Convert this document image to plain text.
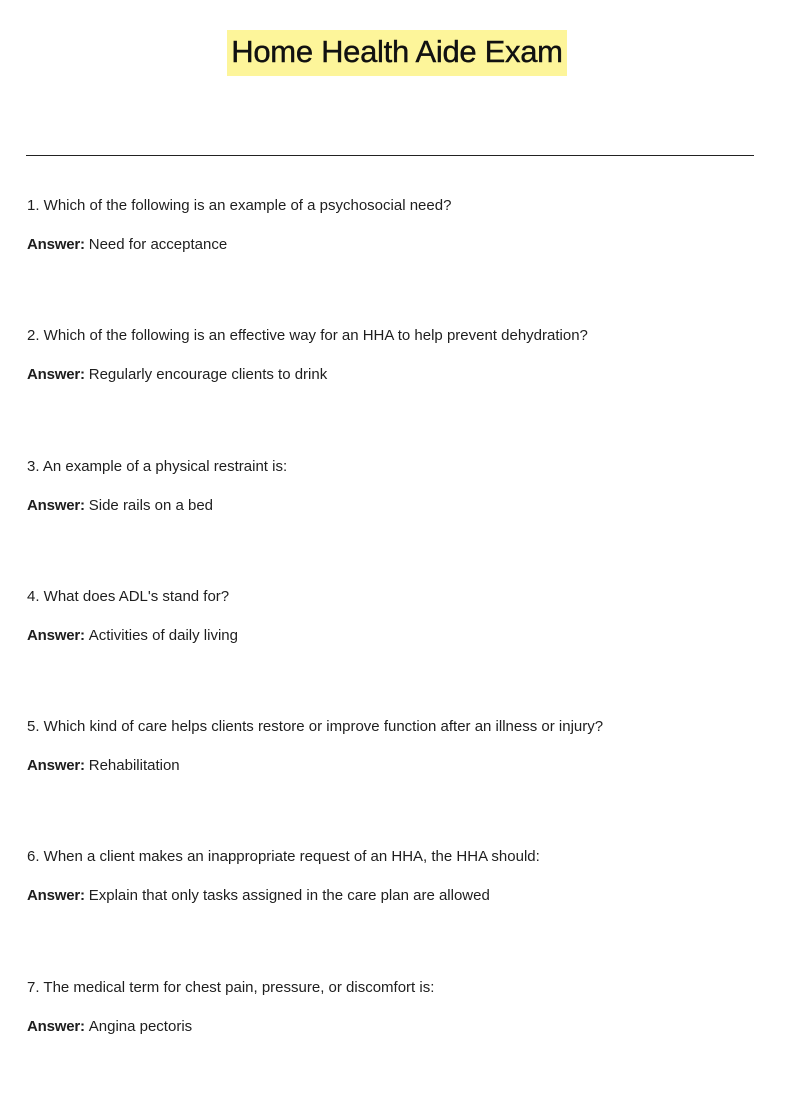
Home Health Aide Exam
1. Which of the following is an example of a psychosocial need?
Answer: Need for acceptance
2. Which of the following is an effective way for an HHA to help prevent dehydration?
Answer: Regularly encourage clients to drink
3. An example of a physical restraint is:
Answer: Side rails on a bed
4. What does ADL's stand for?
Answer: Activities of daily living
5. Which kind of care helps clients restore or improve function after an illness or injury?
Answer: Rehabilitation
6. When a client makes an inappropriate request of an HHA, the HHA should:
Answer: Explain that only tasks assigned in the care plan are allowed
7. The medical term for chest pain, pressure, or discomfort is:
Answer: Angina pectoris
